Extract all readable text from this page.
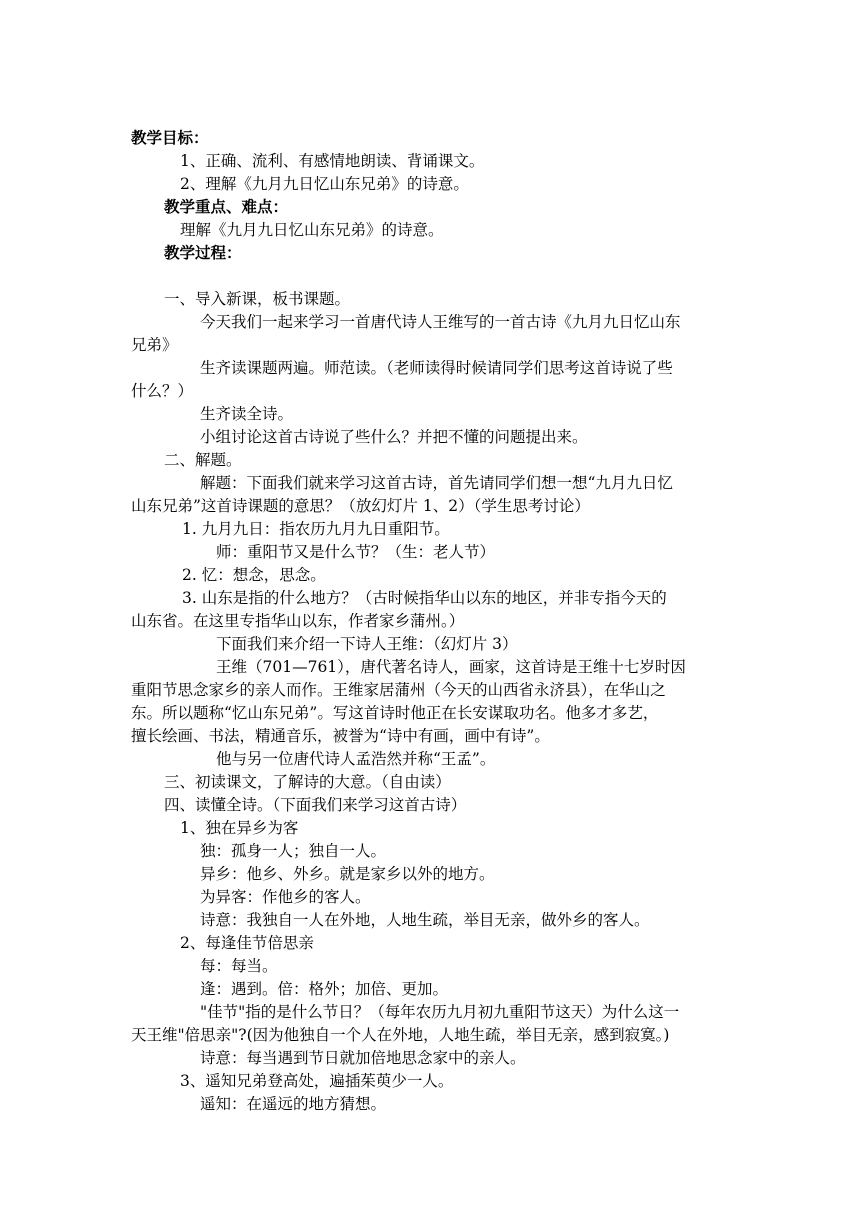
教学目标：
1、正确、流利、有感情地朗读、背诵课文。
2、理解《九月九日忆山东兄弟》的诗意。
教学重点、难点：
理解《九月九日忆山东兄弟》的诗意。
教学过程：
一、导入新课，板书课题。
今天我们一起来学习一首唐代诗人王维写的一首古诗《九月九日忆山东
兄弟》
生齐读课题两遍。师范读。（老师读得时候请同学们思考这首诗说了些
什么？）
生齐读全诗。
小组讨论这首古诗说了些什么？并把不懂的问题提出来。
二、解题。
解题：下面我们就来学习这首古诗，首先请同学们想一想“九月九日忆
山东兄弟”这首诗课题的意思？（放幻灯片 1、2）（学生思考讨论）
1. 九月九日：指农历九月九日重阳节。
师：重阳节又是什么节？（生：老人节）
2. 忆：想念，思念。
3. 山东是指的什么地方？（古时候指华山以东的地区，并非专指今天的
山东省。在这里专指华山以东，作者家乡蒲州。）
下面我们来介绍一下诗人王维：（幻灯片 3）
王维（701—761），唐代著名诗人，画家，这首诗是王维十七岁时因
重阳节思念家乡的亲人而作。王维家居蒲州（今天的山西省永济县），在华山之
东。所以题称“忆山东兄弟”。写这首诗时他正在长安谋取功名。他多才多艺，
擅长绘画、书法，精通音乐，被誉为“诗中有画，画中有诗”。
他与另一位唐代诗人孟浩然并称“王孟”。
三、初读课文，了解诗的大意。（自由读）
四、读懂全诗。（下面我们来学习这首古诗）
1、独在异乡为客
独：孤身一人；独自一人。
异乡：他乡、外乡。就是家乡以外的地方。
为异客：作他乡的客人。
诗意：我独自一人在外地，人地生疏，举目无亲，做外乡的客人。
2、每逢佳节倍思亲
每：每当。
逢：遇到。倍：格外；加倍、更加。
"佳节"指的是什么节日？（每年农历九月初九重阳节这天）为什么这一
天王维"倍思亲"?(因为他独自一个人在外地，人地生疏，举目无亲，感到寂寞。)
诗意：每当遇到节日就加倍地思念家中的亲人。
3、遥知兄弟登高处，遍插茱萸少一人。
遥知：在遥远的地方猜想。
